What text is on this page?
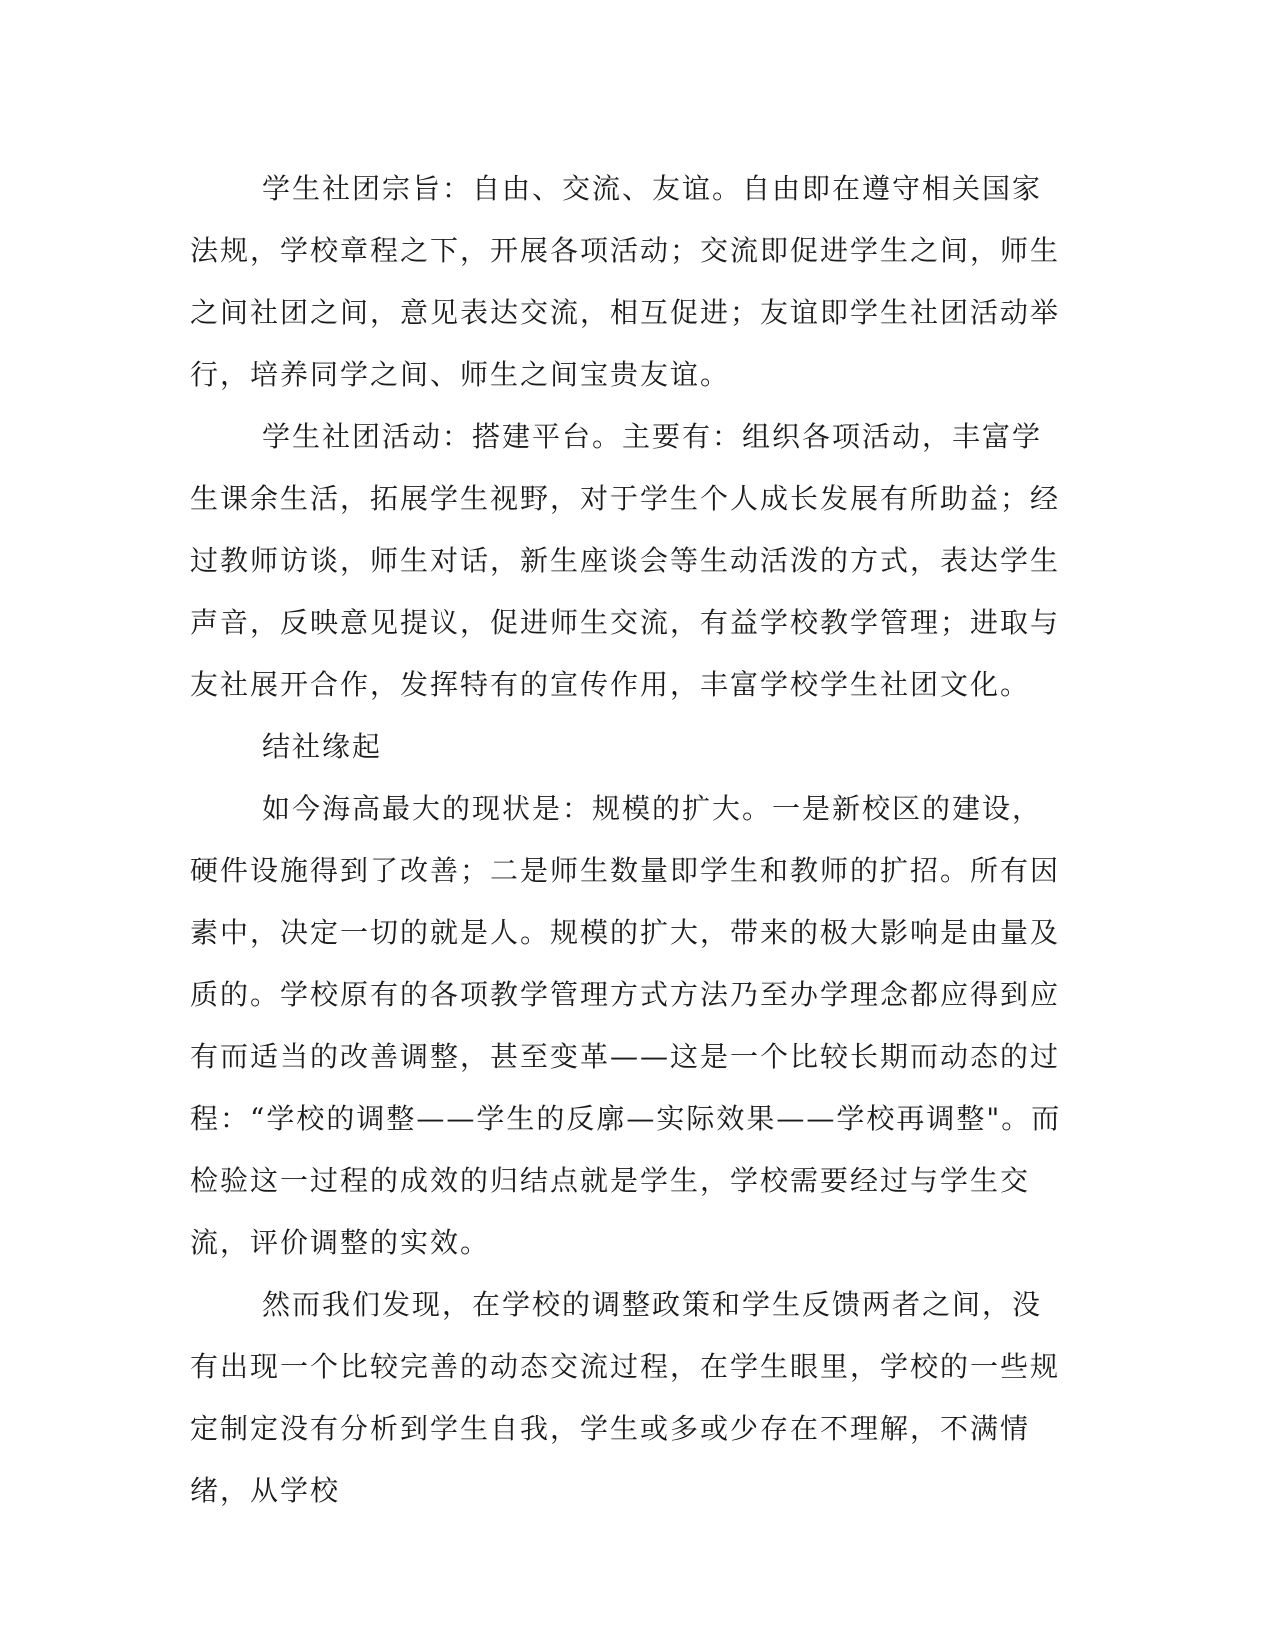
学生社团宗旨：自由、交流、友谊。自由即在遵守相关国家法规，学校章程之下，开展各项活动；交流即促进学生之间，师生之间社团之间，意见表达交流，相互促进；友谊即学生社团活动举行，培养同学之间、师生之间宝贵友谊。

学生社团活动：搭建平台。主要有：组织各项活动，丰富学生课余生活，拓展学生视野，对于学生个人成长发展有所助益；经过教师访谈，师生对话，新生座谈会等生动活泼的方式，表达学生声音，反映意见提议，促进师生交流，有益学校教学管理；进取与友社展开合作，发挥特有的宣传作用，丰富学校学生社团文化。

结社缘起

如今海高最大的现状是：规模的扩大。一是新校区的建设，硬件设施得到了改善；二是师生数量即学生和教师的扩招。所有因素中，决定一切的就是人。规模的扩大，带来的极大影响是由量及质的。学校原有的各项教学管理方式方法乃至办学理念都应得到应有而适当的改善调整，甚至变革——这是一个比较长期而动态的过程：“学校的调整——学生的反廓—实际效果——学校再调整"。而检验这一过程的成效的归结点就是学生，学校需要经过与学生交流，评价调整的实效。

然而我们发现，在学校的调整政策和学生反馈两者之间，没有出现一个比较完善的动态交流过程，在学生眼里，学校的一些规定制定没有分析到学生自我，学生或多或少存在不理解，不满情绪，从学校
